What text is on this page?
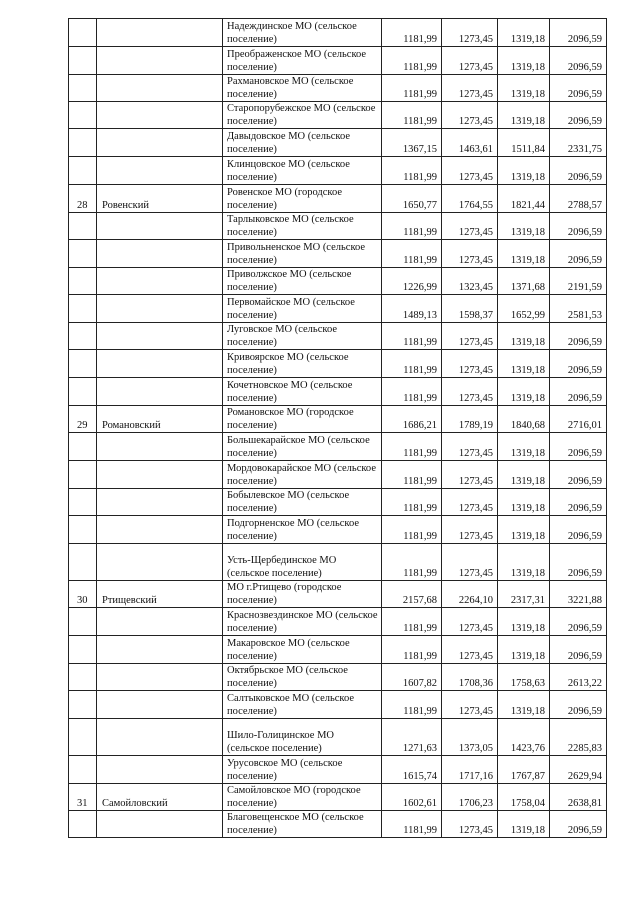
		Надеждинское МО (сельское поселение)	1181,99	1273,45	1319,18	2096,59
		Преображенское МО (сельское поселение)	1181,99	1273,45	1319,18	2096,59
		Рахмановское МО (сельское поселение)	1181,99	1273,45	1319,18	2096,59
		Старопорубежское МО (сельское поселение)	1181,99	1273,45	1319,18	2096,59
		Давыдовское МО (сельское поселение)	1367,15	1463,61	1511,84	2331,75
		Клинцовское МО (сельское поселение)	1181,99	1273,45	1319,18	2096,59
28	Ровенский	Ровенское МО (городское поселение)	1650,77	1764,55	1821,44	2788,57
		Тарлыковское МО (сельское поселение)	1181,99	1273,45	1319,18	2096,59
		Привольненское МО (сельское поселение)	1181,99	1273,45	1319,18	2096,59
		Приволжское МО (сельское поселение)	1226,99	1323,45	1371,68	2191,59
		Первомайское МО (сельское поселение)	1489,13	1598,37	1652,99	2581,53
		Луговское МО (сельское поселение)	1181,99	1273,45	1319,18	2096,59
		Кривоярское МО (сельское поселение)	1181,99	1273,45	1319,18	2096,59
		Кочетновское МО (сельское поселение)	1181,99	1273,45	1319,18	2096,59
29	Романовский	Романовское МО (городское поселение)	1686,21	1789,19	1840,68	2716,01
		Большекарайское МО (сельское поселение)	1181,99	1273,45	1319,18	2096,59
		Мордовокарайское МО (сельское поселение)	1181,99	1273,45	1319,18	2096,59
		Бобылевское МО (сельское поселение)	1181,99	1273,45	1319,18	2096,59
		Подгорненское МО (сельское поселение)	1181,99	1273,45	1319,18	2096,59
		Усть-Щербединское МО (сельское поселение)	1181,99	1273,45	1319,18	2096,59
30	Ртищевский	МО г.Ртищево (городское поселение)	2157,68	2264,10	2317,31	3221,88
		Краснозвездинское МО (сельское поселение)	1181,99	1273,45	1319,18	2096,59
		Макаровское МО (сельское поселение)	1181,99	1273,45	1319,18	2096,59
		Октябрьское МО (сельское поселение)	1607,82	1708,36	1758,63	2613,22
		Салтыковское МО (сельское поселение)	1181,99	1273,45	1319,18	2096,59
		Шило-Голицинское МО (сельское поселение)	1271,63	1373,05	1423,76	2285,83
		Урусовское МО (сельское поселение)	1615,74	1717,16	1767,87	2629,94
31	Самойловский	Самойловское МО (городское поселение)	1602,61	1706,23	1758,04	2638,81
		Благовещенское МО (сельское поселение)	1181,99	1273,45	1319,18	2096,59
